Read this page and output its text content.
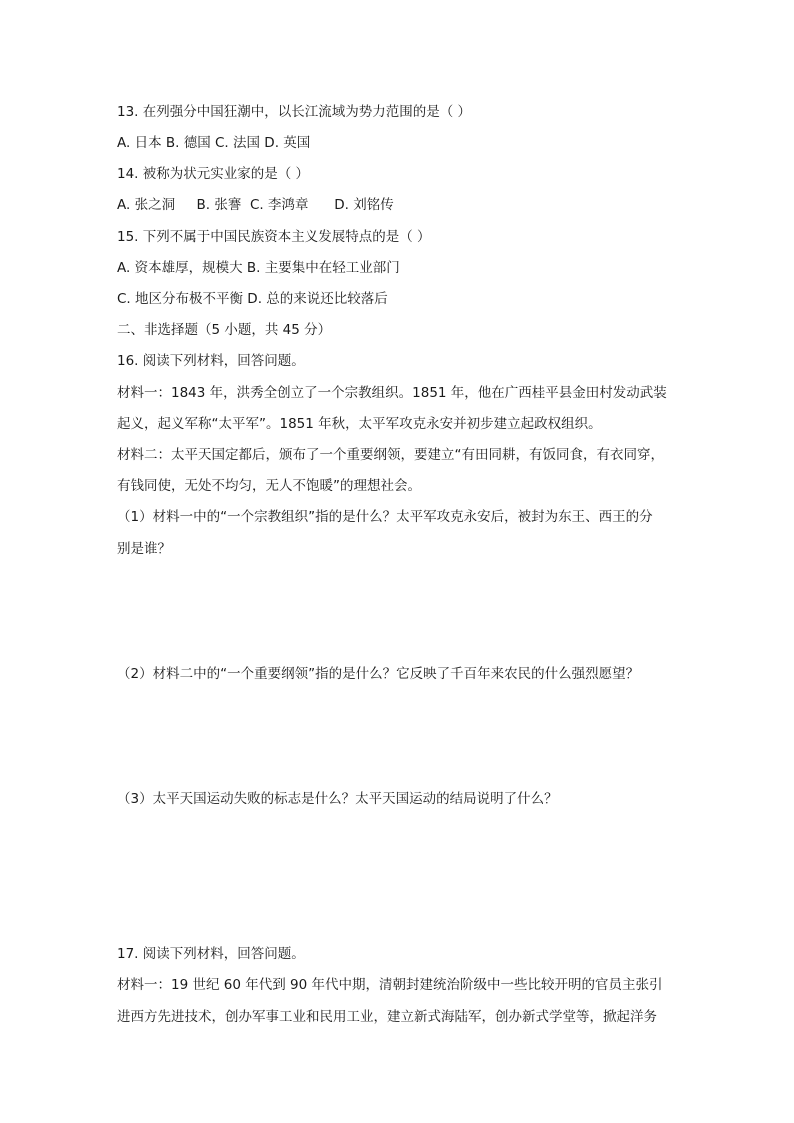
13. 在列强分中国狂潮中，以长江流域为势力范围的是（ ）
A. 日本 B. 德国 C. 法国 D. 英国
14. 被称为状元实业家的是（ ）
A. 张之洞     B. 张謇  C. 李鸿章      D. 刘铭传
15. 下列不属于中国民族资本主义发展特点的是（ ）
A. 资本雄厚，规模大 B. 主要集中在轻工业部门
C. 地区分布极不平衡 D. 总的来说还比较落后
二、非选择题（5 小题，共 45 分）
16. 阅读下列材料，回答问题。
材料一：1843 年，洪秀全创立了一个宗教组织。1851 年，他在广西桂平县金田村发动武装
起义，起义军称“太平军”。1851 年秋，太平军攻克永安并初步建立起政权组织。
材料二：太平天国定都后，颁布了一个重要纲领，要建立“有田同耕，有饭同食，有衣同穿，
有钱同使，无处不均匀，无人不饱暖”的理想社会。
（1）材料一中的“一个宗教组织”指的是什么？太平军攻克永安后，被封为东王、西王的分
别是谁？
（2）材料二中的“一个重要纲领”指的是什么？它反映了千百年来农民的什么强烈愿望？
（3）太平天国运动失败的标志是什么？太平天国运动的结局说明了什么？
17. 阅读下列材料，回答问题。
材料一：19 世纪 60 年代到 90 年代中期，清朝封建统治阶级中一些比较开明的官员主张引
进西方先进技术，创办军事工业和民用工业，建立新式海陆军，创办新式学堂等，掀起洋务
